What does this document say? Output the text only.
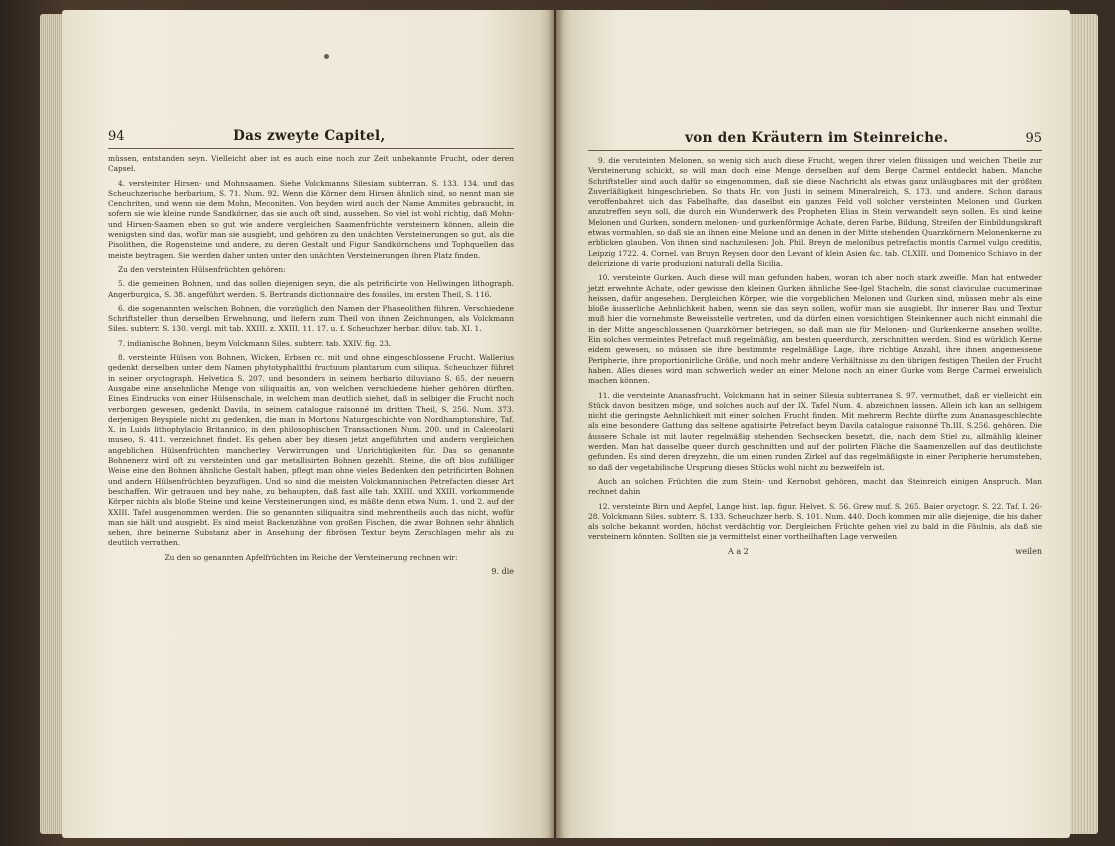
94	Das zweyte Capitel,

müssen, entstanden seyn. Vielleicht aber ist es auch eine noch zur Zeit unbekannte Frucht, oder deren Capsel.

4. versteinter Hirsen- und Mohnsaamen. Siehe Volckmanns Silesiam subterran. S. 133. 134. und das Scheuchzerische herbarium, S. 71. Num. 92. Wenn die Körner dem Hirsen ähnlich sind, so nennt man sie Cenchriten, und wenn sie dem Mohn, Meconiten. Von beyden wird auch der Name Ammites gebraucht, in sofern sie wie kleine runde Sandkörner, das sie auch oft sind, aussehen. So viel ist wohl richtig, daß Mohn- und Hirsen-Saamen eben so gut wie andere vergleichen Saamenfrüchte versteinern können, allein die wenigsten sind das, wofür man sie ausgiebt, und gehören zu den unächten Versteinerungen so gut, als die Pisolithen, die Rogensteine und andere, zu deren Gestalt und Figur Sandkörnchens und Tophquellen das meiste beytragen. Sie werden daher unten unter den unächten Versteinerungen ihren Platz finden.

Zu den versteinten Hülsenfrüchten gehören:

5. die gemeinen Bohnen, und das sollen diejenigen seyn, die als petrificirte von Hellwingen lithograph. Angerburgica, S. 38. angeführt werden. S. Bertrands dictionnaire des fossiles, im ersten Theil, S. 116.

6. die sogenannten welschen Bohnen, die vorzüglich den Namen der Phaseolithen führen. Verschiedene Schriftsteller thun derselben Erwehnung, und liefern zum Theil von ihnen Zeichnungen, als Volckmann Siles. subterr. S. 130. vergl. mit tab. XXIII. z. XXIII. 11. 17. u. f. Scheuchzer herbar. diluv. tab. XI. 1.

7. indianische Bohnen, beym Volckmann Siles. subterr. tab. XXIV. fig. 23.

8. versteinte Hülsen von Bohnen, Wicken, Erbsen rc. mit und ohne eingeschlossene Frucht. Wallerius gedenkt derselben unter dem Namen phytotyphalithi fructuum plantarum cum siliqua. Scheuchzer führet in seiner oryctograph. Helvetica S. 207. und besonders in seinem herbario diluviano S. 65. der neuern Ausgabe eine ansehnliche Menge von siliquaitis an, von welchen verschiedene hieher gehören dürften. Eines Eindrucks von einer Hülsenschale, in welchem man deutlich siehet, daß in selbiger die Frucht noch verborgen gewesen, gedenkt Davila, in seinem catalogue raisonné im dritten Theil, S. 256. Num. 373. derjenigen Beyspiele nicht zu gedenken, die man in Mortons Naturgeschichte von Nordhamptonshire, Taf. X. in Luids lithophylacio Britannico, in den philosophischen Transactionen Num. 200. und in Calceolarii museo, S. 411. verzeichnet findet. Es gehen aber bey diesen jetzt angeführten und andern vergleichen angeblichen Hülsenfrüchten mancherley Verwirrungen und Unrichtigkeiten für. Das so genannte Bohnenerz wird oft zu versteinten und gar metallisirten Bohnen gezehlt. Steine, die oft blos zufälliger Weise eine den Bohnen ähnliche Gestalt haben, pflegt man ohne vieles Bedenken den petrificirten Bohnen und andern Hülsenfrüchten beyzufügen. Und so sind die meisten Volckmannischen Petrefacten dieser Art beschaffen. Wir getrauen und bey nahe, zu behaupten, daß fast alle tab. XXIII. und XXIII. vorkommende Körper nichts als bloße Steine und keine Versteinerungen sind, es mäßte denn etwa Num. 1. und 2. auf der XXIII. Tafel ausgenommen werden. Die so genannten siliquaitra sind mehrentheils auch das nicht, wofür man sie hält und ausgiebt. Es sind meist Backenzähne von großen Fischen, die zwar Bohnen sehr ähnlich sehen, ihre beinerne Substanz aber in Ansehung der fibrösen Textur beym Zerschlagen mehr als zu deutlich verrathen.

Zu den so genannten Apfelfrüchten im Reiche der Versteinerung rechnen wir:

9. die
von den Kräutern im Steinreiche.	95

9. die versteinten Melonen, so wenig sich auch diese Frucht, wegen ihrer vielen flüssigen und weichen Theile zur Versteinerung schickt, so will man doch eine Menge derselben auf dem Berge Carmel entdeckt haben. Manche Schriftsteller sind auch dafür so eingenommen, daß sie diese Nachricht als etwas ganz unläugbares mit der größten Zuverläßigkeit hingeschrieben. So thats Hr. von Justi in seinem Mineralreich, S. 173. und andere. Schon daraus veroffenbahret sich das Fabelhafte, das daselbst ein ganzes Feld voll solcher versteinten Melonen und Gurken anzutreffen seyn soll, die durch ein Wunderwerk des Propheten Elias in Stein verwandelt seyn sollen. Es sind keine Melonen und Gurken, sondern melonen- und gurkenförmige Achate, deren Farbe, Bildung, Streifen der Einbildungskraft etwas vormahlen, so daß sie an ihnen eine Melone und an denen in der Mitte stehenden Quarzkörnern Melonenkerne zu erblicken glauben. Von ihnen sind nachzulesen: Joh. Phil. Breyn de melonibus petrefactis montis Carmel vulgo creditis, Leipzig 1722. 4. Cornel. van Bruyn Reysen door den Levant of klein Asien &c. tab. CLXIII. und Domenico Schiavo in der delcrizione di varie produzioni naturali della Sicilia.

10. versteinte Gurken. Auch diese will man gefunden haben, woran ich aber noch stark zweifle. Man hat entweder jetzt erwehnte Achate, oder gewisse den kleinen Gurken ähnliche See-Igel Stacheln, die sonst claviculae cucumerinae heissen, dafür angesehen. Dergleichen Körper, wie die vorgeblichen Melonen und Gurken sind, müssen mehr als eine bloße äusserliche Aehnlichkeit haben, wenn sie das seyn sollen, wofür man sie ausgiebt. Ihr innerer Bau und Textur muß hier die vornehmste Beweisstelle vertreten, und da dürfen einen vorsichtigen Steinkenner auch nicht einmahl die in der Mitte angeschlossenen Quarzkörner betriegen, so daß man sie für Melonen- und Gurkenkerne ansehen wollte. Ein solches vermeintes Petrefact muß regelmäßig, am besten queerdurch, zerschnitten werden. Sind es würklich Kerne eidem gewesen, so müssen sie ihre bestimmte regelmäßige Lage, ihre richtige Anzahl, ihre ihnen angemessene Peripherie, ihre proportionirliche Größe, und noch mehr andere Verhältnisse zu den übrigen festigen Theilen der Frucht haben. Alles dieses wird man schwerlich weder an einer Melone noch an einer Gurke vom Berge Carmel erweislich machen können.

11. die versteinte Ananasfrucht. Volckmann hat in seiner Silesia subterranea S. 97. vermuthet, daß er vielleicht ein Stück davon besitzen möge, und solches auch auf der IX. Tafel Num. 4. abzeichnen lassen. Allein ich kan an selbigem nicht die geringste Aehnlichkeit mit einer solchen Frucht finden. Mit mehrerm Rechte dürfte zum Ananasgeschlechte als eine besondere Gattung das seltene agatisirte Petrefact beym Davila catalogue raisonné Th.III. S.256. gehören. Die äussere Schale ist mit lauter regelmäßig stehenden Sechsecken besetzt, die, nach dem Stiel zu, allmählig kleiner werden. Man hat dasselbe queer durch geschnitten und auf der polirten Fläche die Saamenzellen auf das deutlichste gefunden. Es sind deren dreyzehn, die um einen runden Zirkel auf das regelmäßigste in einer Peripherie herumstehen, so daß der vegetabilische Ursprung dieses Stücks wohl nicht zu bezweifeln ist.

Auch an solchen Früchten die zum Stein- und Kernobst gehören, macht das Steinreich einigen Anspruch. Man rechnet dahin

12. versteinte Birn und Aepfel, Lange hist. lap. figur. Helvet. S. 56. Grew muf. S. 265. Baier oryctogr. S. 22. Taf. I. 26-28. Volckmann Siles. subterr. S. 133. Scheuchzer herb. S. 101. Num. 440. Doch kommen mir alle diejenige, die bis daher als solche bekannt worden, höchst verdächtig vor. Dergleichen Früchte gehen viel zu bald in die Fäulnis, als daß sie versteinern könnten. Sollten sie ja vermittelst einer vortheilhaften Lage verweilen

A a 2	weilen
